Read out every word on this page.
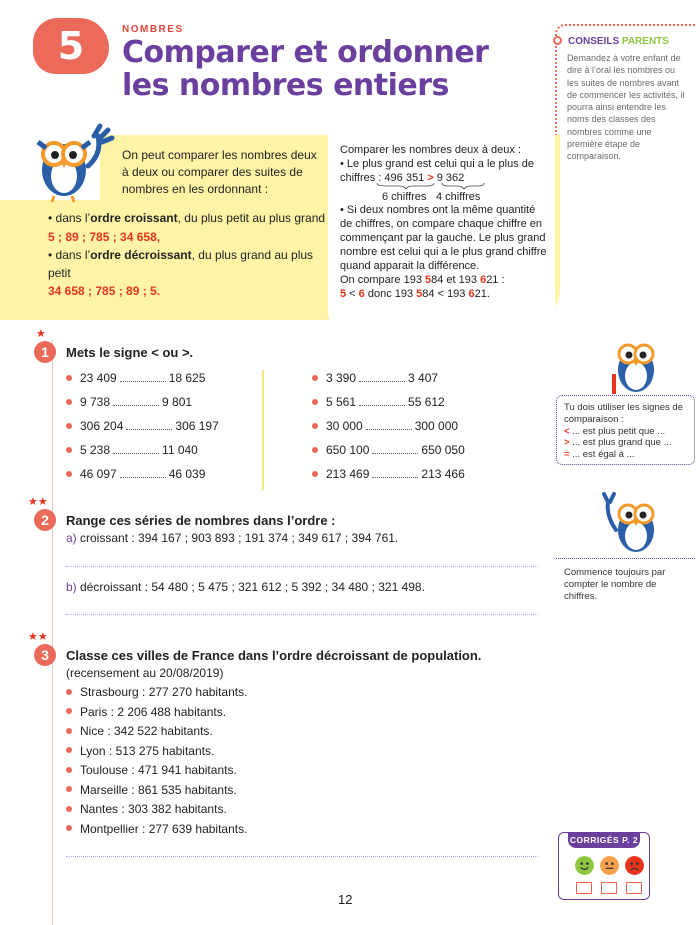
5	NOMBRES
Comparer et ordonner les nombres entiers
CONSEILS PARENTS
Demandez à votre enfant de dire à l’oral les nombres ou les suites de nombres avant de commencer les activités, il pourra ainsi entendre les noms des classes des nombres comme une première étape de comparaison.
On peut comparer les nombres deux à deux ou comparer des suites de nombres en les ordonnant :
• dans l’ordre croissant, du plus petit au plus grand
5 ; 89 ; 785 ; 34 658,
• dans l’ordre décroissant, du plus grand au plus petit
34 658 ; 785 ; 89 ; 5.
Comparer les nombres deux à deux :
• Le plus grand est celui qui a le plus de chiffres : 496 351 > 9 362
6 chiffres 4 chiffres
• Si deux nombres ont la même quantité de chiffres, on compare chaque chiffre en commençant par la gauche. Le plus grand nombre est celui qui a le plus grand chiffre quand apparait la différence.
On compare 193 584 et 193 621 :
5 < 6 donc 193 584 < 193 621.
★
1	Mets le signe < ou >.
23 409	18 625
9 738	9 801
306 204	306 197
5 238	11 040
46 097	46 039
3 390	3 407
5 561	55 612
30 000	300 000
650 100	650 050
213 469	213 466
Tu dois utiliser les signes de comparaison :
< ... est plus petit que ...
> ... est plus grand que ...
= ... est égal à ...
★★
2	Range ces séries de nombres dans l’ordre :
a) croissant : 394 167 ; 903 893 ; 191 374 ; 349 617 ; 394 761.
b) décroissant : 54 480 ; 5 475 ; 321 612 ; 5 392 ; 34 480 ; 321 498.
Commence toujours par compter le nombre de chiffres.
★★
3	Classe ces villes de France dans l’ordre décroissant de population.
(recensement au 20/08/2019)
Strasbourg : 277 270 habitants.
Paris : 2 206 488 habitants.
Nice : 342 522 habitants.
Lyon : 513 275 habitants.
Toulouse : 471 941 habitants.
Marseille : 861 535 habitants.
Nantes : 303 382 habitants.
Montpellier : 277 639 habitants.
CORRIGÉS P. 2
12
